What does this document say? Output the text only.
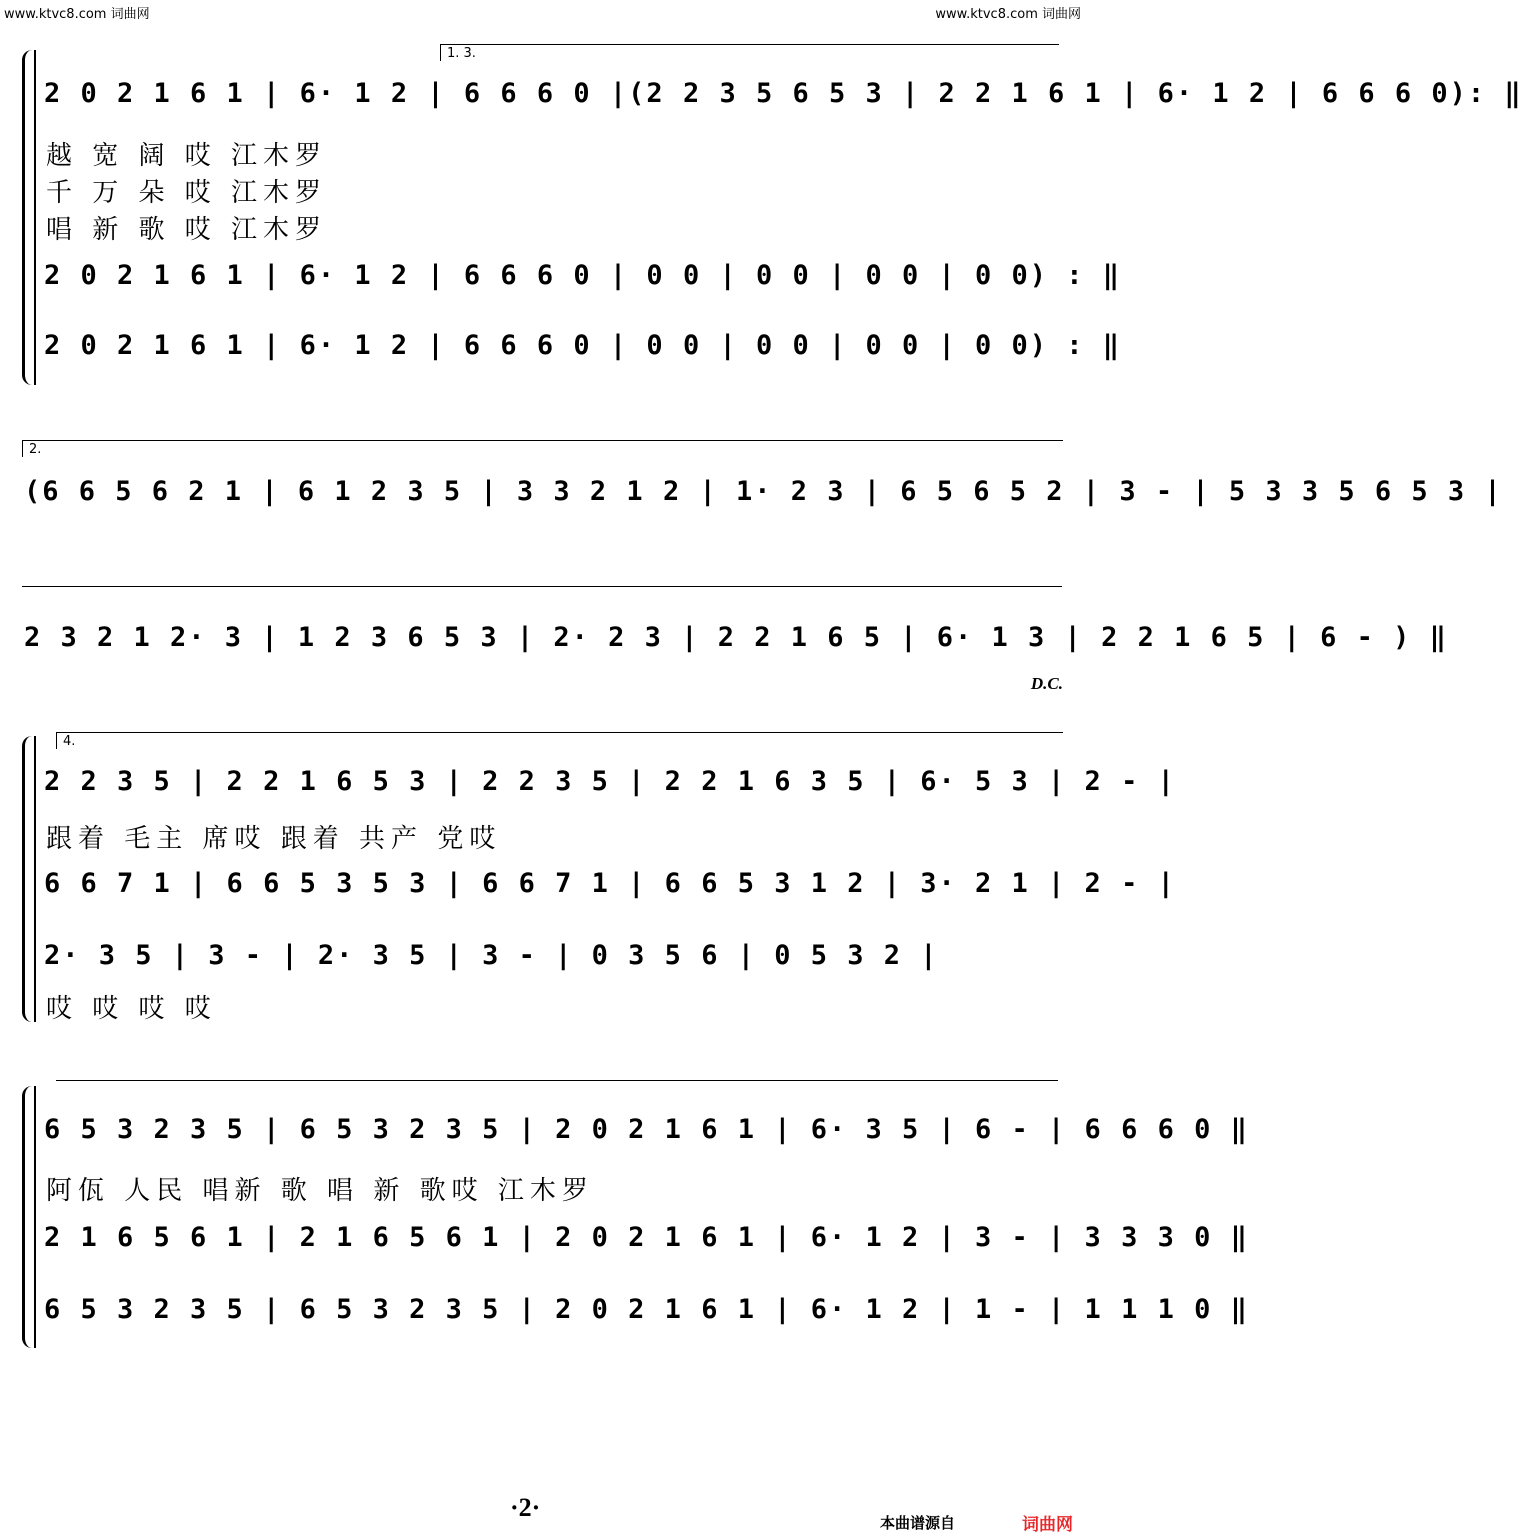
www.ktvc8.com 词曲网	www.ktvc8.com 词曲网
1. 3.
2 0 2 1 6 1 | 6· 1 2 | 6 6 6 0 |(2 2 3 5 6 5 3 | 2 2 1 6 1 | 6· 1 2 | 6 6 6 0): ‖
越 宽 阔 哎 江木罗
千 万 朵 哎 江木罗
唱 新 歌 哎 江木罗
2 0 2 1 6 1 | 6· 1 2 | 6 6 6 0 | 0 0 | 0 0 | 0 0 | 0 0) : ‖
2 0 2 1 6 1 | 6· 1 2 | 6 6 6 0 | 0 0 | 0 0 | 0 0 | 0 0) : ‖
2.
(6 6 5 6 2 1 | 6 1 2 3 5 | 3 3 2 1 2 | 1· 2 3 | 6 5 6 5 2 | 3 - | 5 3 3 5 6 5 3 |
2 3 2 1 2· 3 | 1 2 3 6 5 3 | 2· 2 3 | 2 2 1 6 5 | 6· 1 3 | 2 2 1 6 5 | 6 - ) ‖
D.C.
4.
2 2 3 5 | 2 2 1 6 5 3 | 2 2 3 5 | 2 2 1 6 3 5 | 6· 5 3 | 2 - |
跟着 毛主 席哎 跟着 共产 党哎
6 6 7 1 | 6 6 5 3 5 3 | 6 6 7 1 | 6 6 5 3 1 2 | 3· 2 1 | 2 - |
2· 3 5 | 3 - | 2· 3 5 | 3 - | 0 3 5 6 | 0 5 3 2 |
哎 哎 哎 哎
6 5 3 2 3 5 | 6 5 3 2 3 5 | 2 0 2 1 6 1 | 6· 3 5 | 6 - | 6 6 6 0 ‖
阿佤 人民 唱新 歌 唱 新 歌哎 江木罗
2 1 6 5 6 1 | 2 1 6 5 6 1 | 2 0 2 1 6 1 | 6· 1 2 | 3 - | 3 3 3 0 ‖
6 5 3 2 3 5 | 6 5 3 2 3 5 | 2 0 2 1 6 1 | 6· 1 2 | 1 - | 1 1 1 0 ‖
·2·
本曲谱源自	词曲网
